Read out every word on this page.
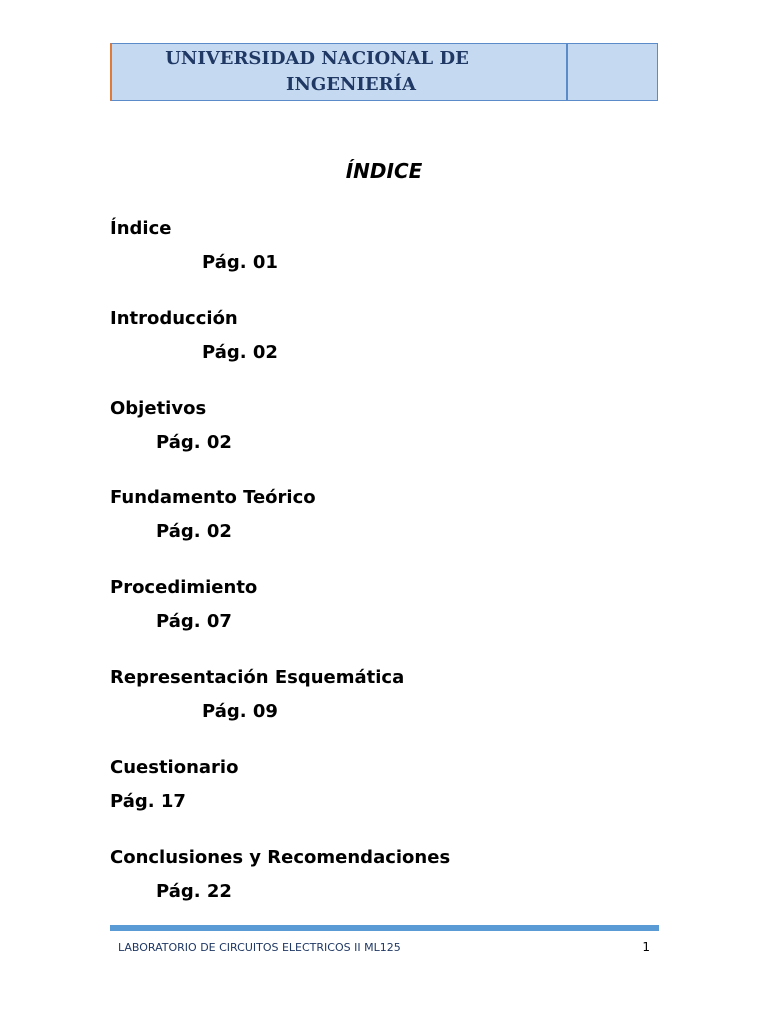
UNIVERSIDAD NACIONAL DE
INGENIERÍA
ÍNDICE
Índice
Pág. 01
Introducción
Pág. 02
Objetivos
Pág. 02
Fundamento Teórico
Pág. 02
Procedimiento
Pág. 07
Representación Esquemática
Pág. 09
Cuestionario
Pág. 17
Conclusiones y Recomendaciones
Pág. 22
LABORATORIO DE CIRCUITOS ELECTRICOS II ML125	1
